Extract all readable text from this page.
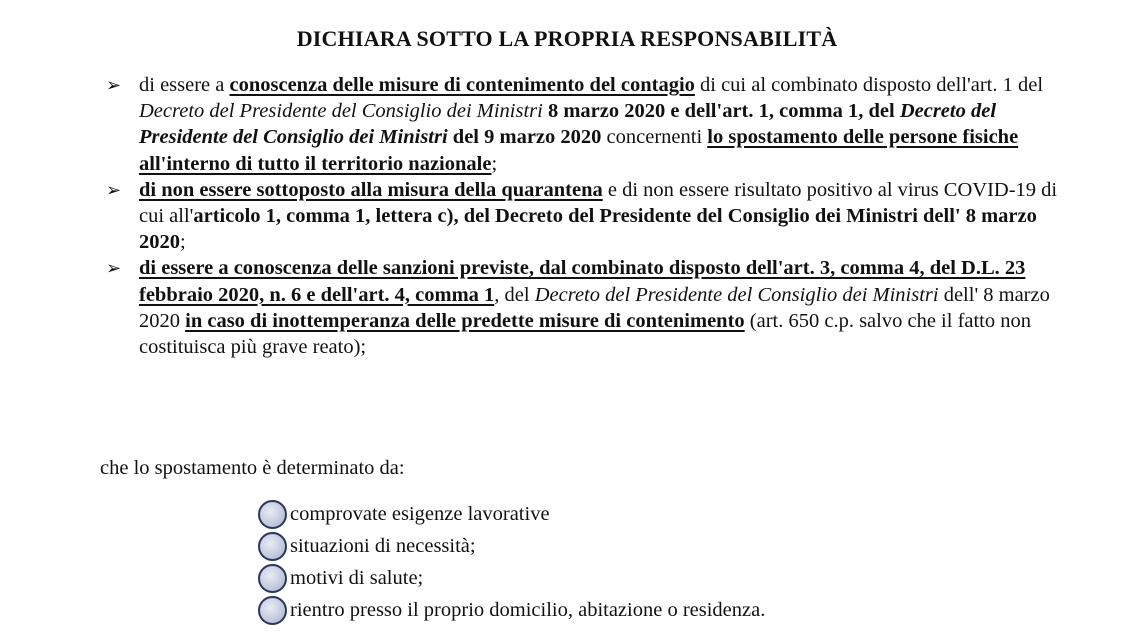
DICHIARA SOTTO LA PROPRIA RESPONSABILITÀ
➢ di essere a conoscenza delle misure di contenimento del contagio di cui al combinato disposto dell'art. 1 del Decreto del Presidente del Consiglio dei Ministri 8 marzo 2020 e dell'art. 1, comma 1, del Decreto del Presidente del Consiglio dei Ministri del 9 marzo 2020 concernenti lo spostamento delle persone fisiche all'interno di tutto il territorio nazionale;
➢ di non essere sottoposto alla misura della quarantena e di non essere risultato positivo al virus COVID-19 di cui all'articolo 1, comma 1, lettera c), del Decreto del Presidente del Consiglio dei Ministri dell' 8 marzo 2020;
➢ di essere a conoscenza delle sanzioni previste, dal combinato disposto dell'art. 3, comma 4, del D.L. 23 febbraio 2020, n. 6 e dell'art. 4, comma 1, del Decreto del Presidente del Consiglio dei Ministri dell' 8 marzo 2020 in caso di inottemperanza delle predette misure di contenimento (art. 650 c.p. salvo che il fatto non costituisca più grave reato);
che lo spostamento è determinato da:
comprovate esigenze lavorative
situazioni di necessità;
motivi di salute;
rientro presso il proprio domicilio, abitazione o residenza.
